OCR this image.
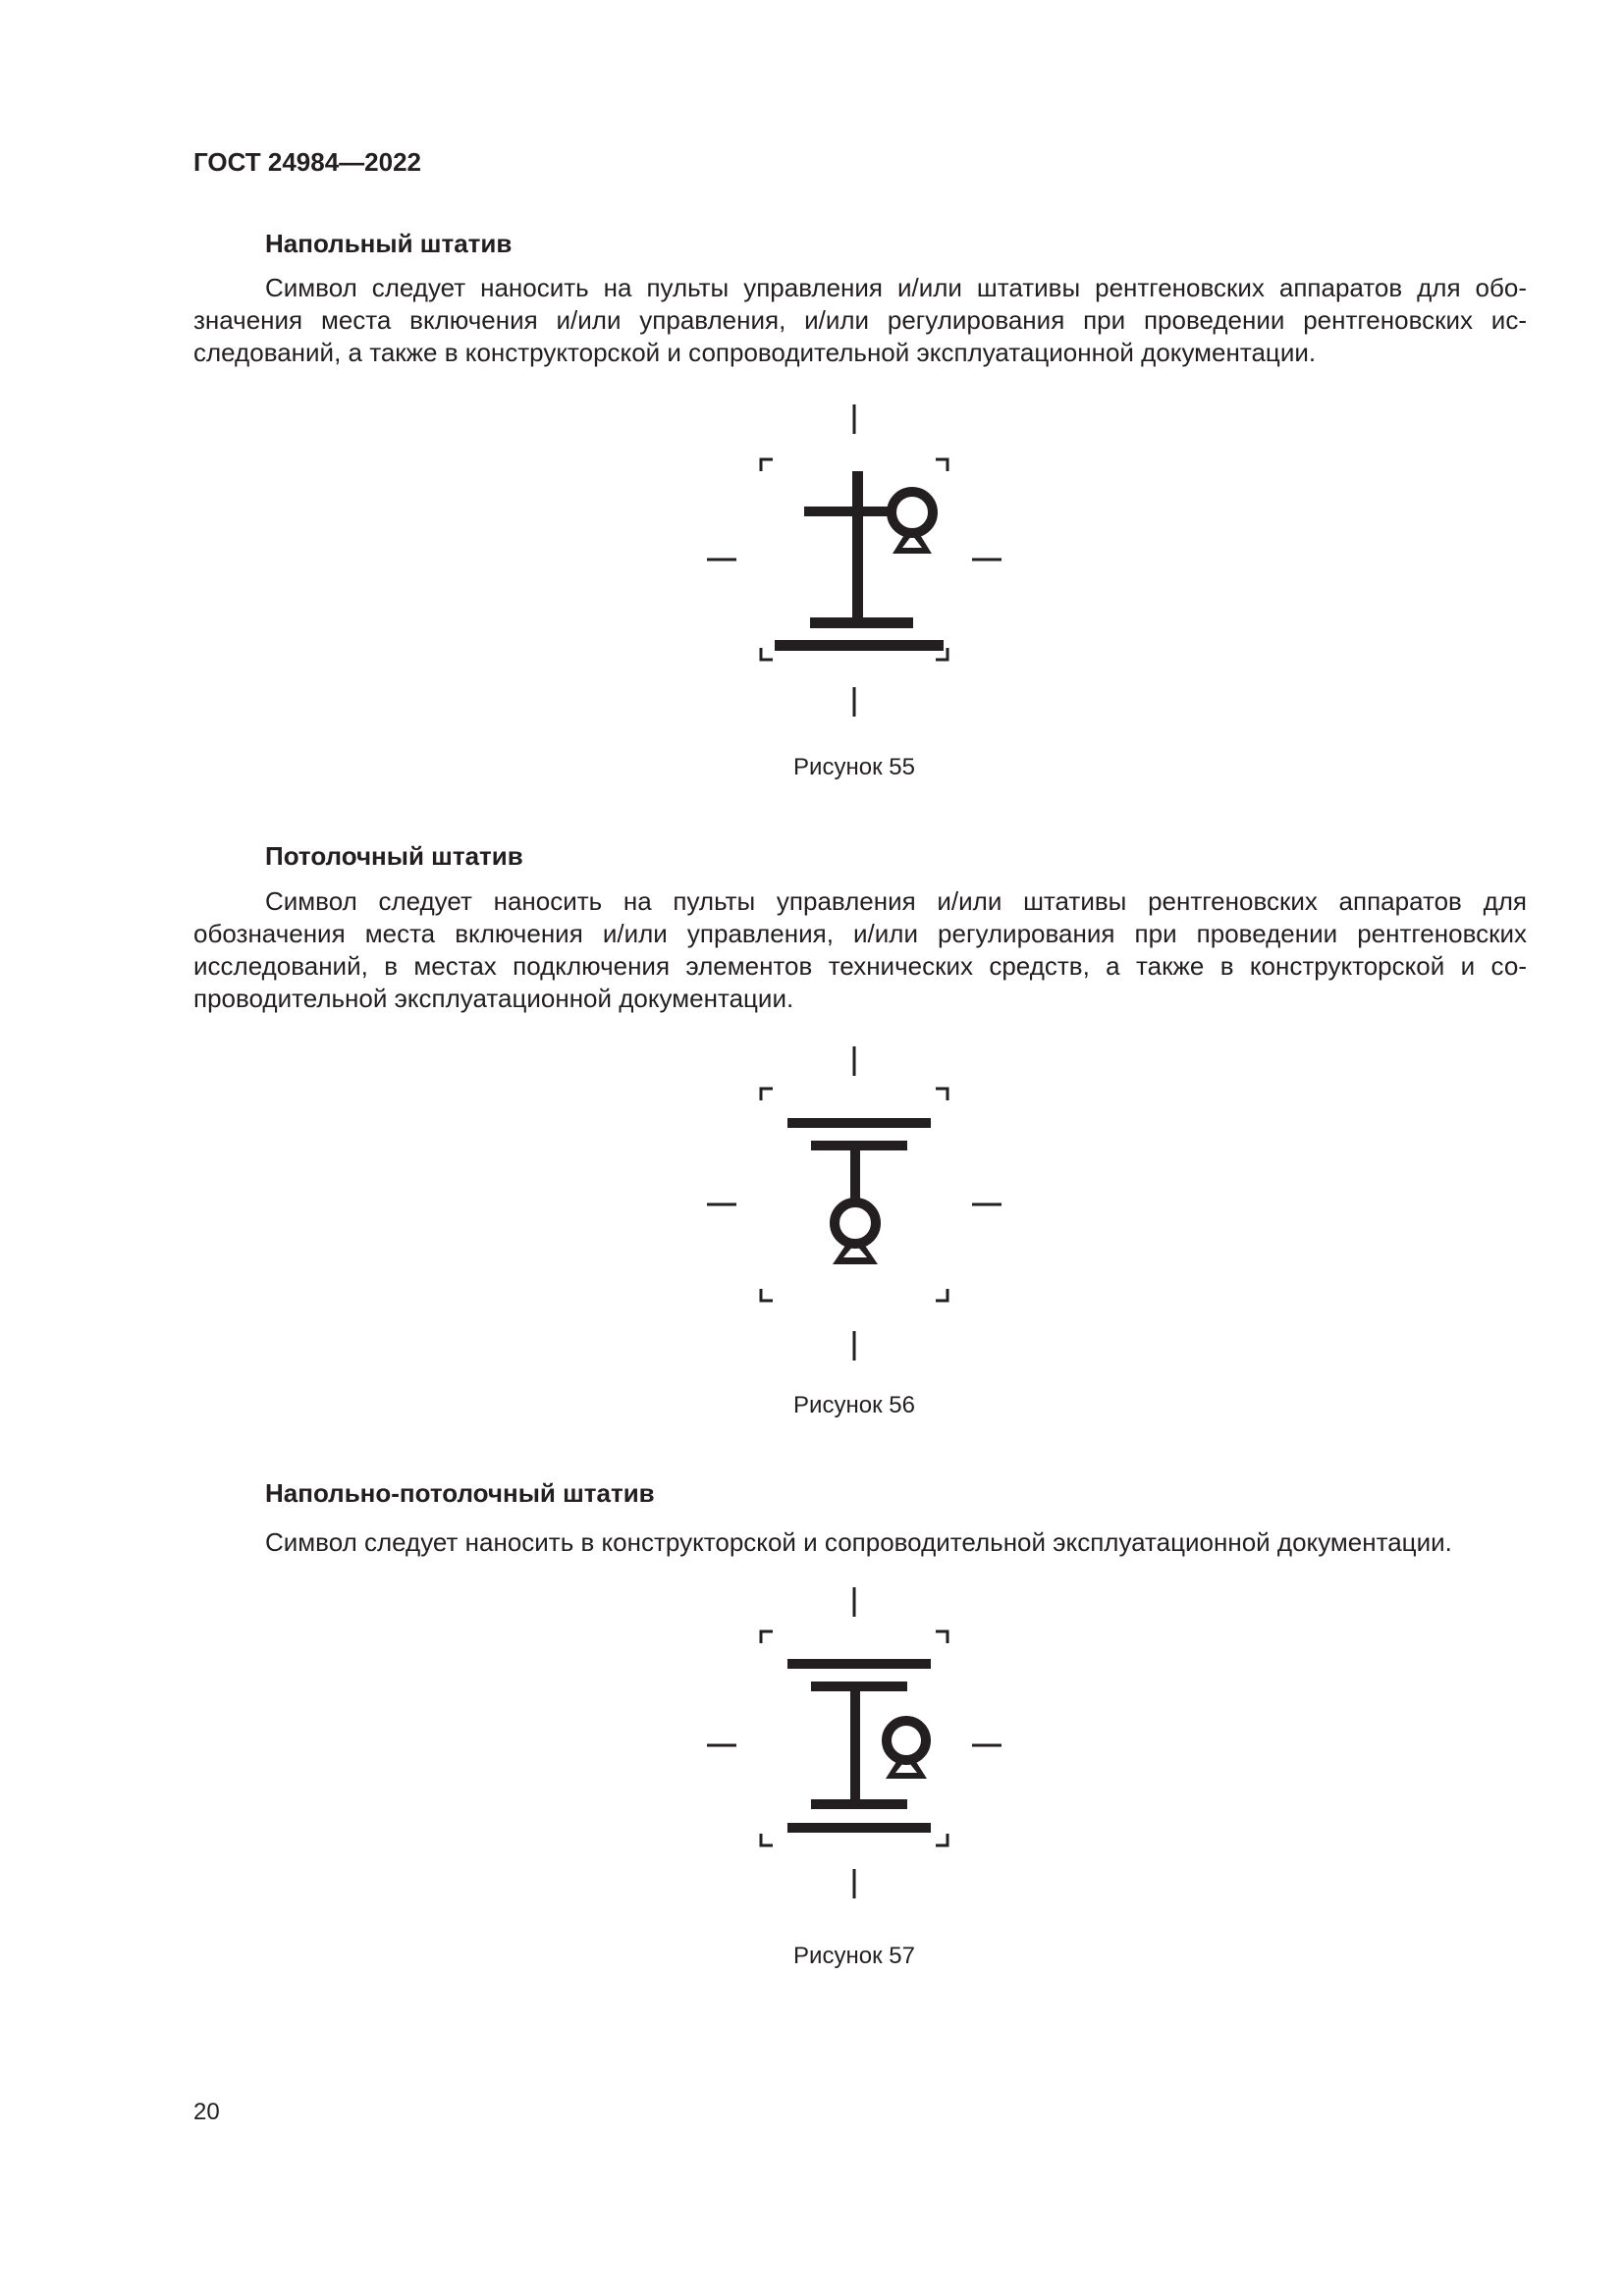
ГОСТ 24984—2022
Напольный штатив

Символ следует наносить на пульты управления и/или штативы рентгеновских аппаратов для обозначения места включения и/или управления, и/или регулирования при проведении рентгеновских исследований, а также в конструкторской и сопроводительной эксплуатационной документации.

Рисунок 55
Потолочный штатив

Символ следует наносить на пульты управления и/или штативы рентгеновских аппаратов для обозначения места включения и/или управления, и/или регулирования при проведении рентгеновских исследований, в местах подключения элементов технических средств, а также в конструкторской и сопроводительной эксплуатационной документации.

Рисунок 56
Напольно-потолочный штатив

Символ следует наносить в конструкторской и сопроводительной эксплуатационной документации.

Рисунок 57
20
